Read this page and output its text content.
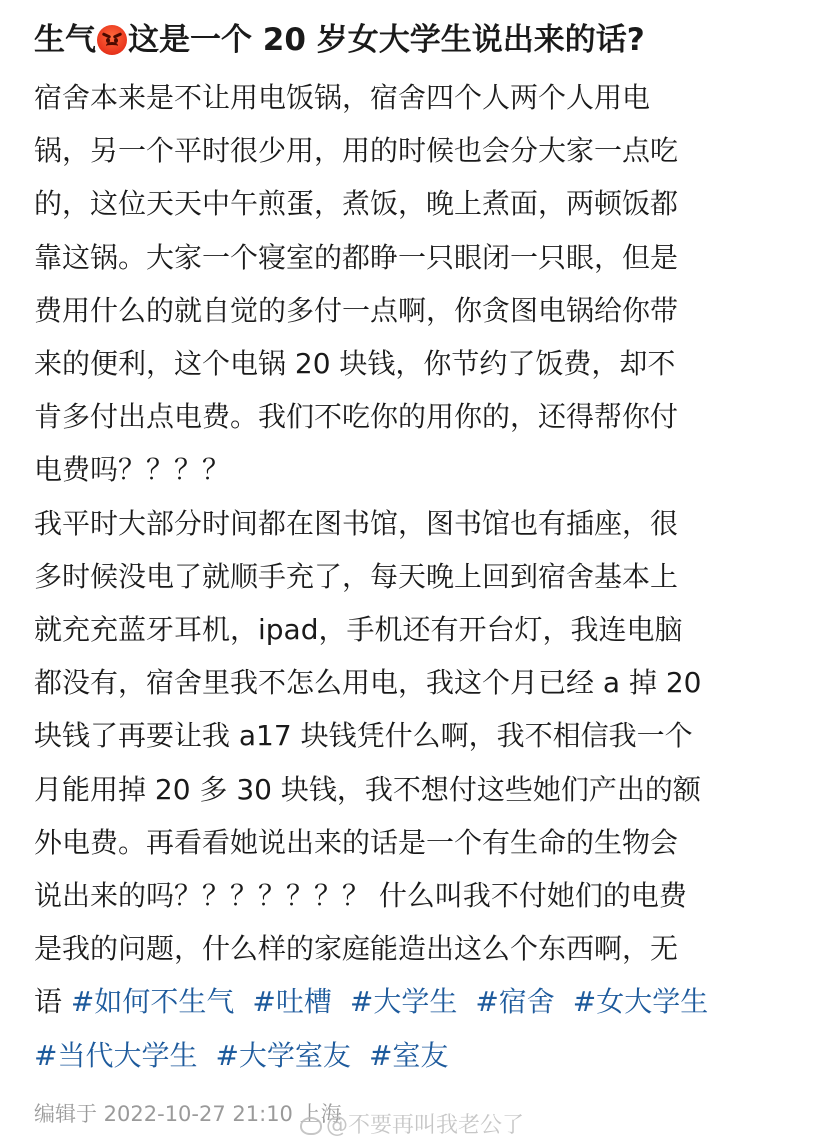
生气 这是一个 20 岁女大学生说出来的话?
宿舍本来是不让用电饭锅，宿舍四个人两个人用电
锅，另一个平时很少用，用的时候也会分大家一点吃
的，这位天天中午煎蛋，煮饭，晚上煮面，两顿饭都
靠这锅。大家一个寝室的都睁一只眼闭一只眼，但是
费用什么的就自觉的多付一点啊，你贪图电锅给你带
来的便利，这个电锅 20 块钱，你节约了饭费，却不
肯多付出点电费。我们不吃你的用你的，还得帮你付
电费吗？？？？
我平时大部分时间都在图书馆，图书馆也有插座，很
多时候没电了就顺手充了，每天晚上回到宿舍基本上
就充充蓝牙耳机，ipad，手机还有开台灯，我连电脑
都没有，宿舍里我不怎么用电，我这个月已经 a 掉 20
块钱了再要让我 a17 块钱凭什么啊，我不相信我一个
月能用掉 20 多 30 块钱，我不想付这些她们产出的额
外电费。再看看她说出来的话是一个有生命的生物会
说出来的吗？？？？？？？ 什么叫我不付她们的电费
是我的问题，什么样的家庭能造出这么个东西啊，无
语 #如何不生气 #吐槽 #大学生 #宿舍 #女大学生
#当代大学生 #大学室友 #室友
编辑于 2022-10-27 21:10 上海
@不要再叫我老公了
